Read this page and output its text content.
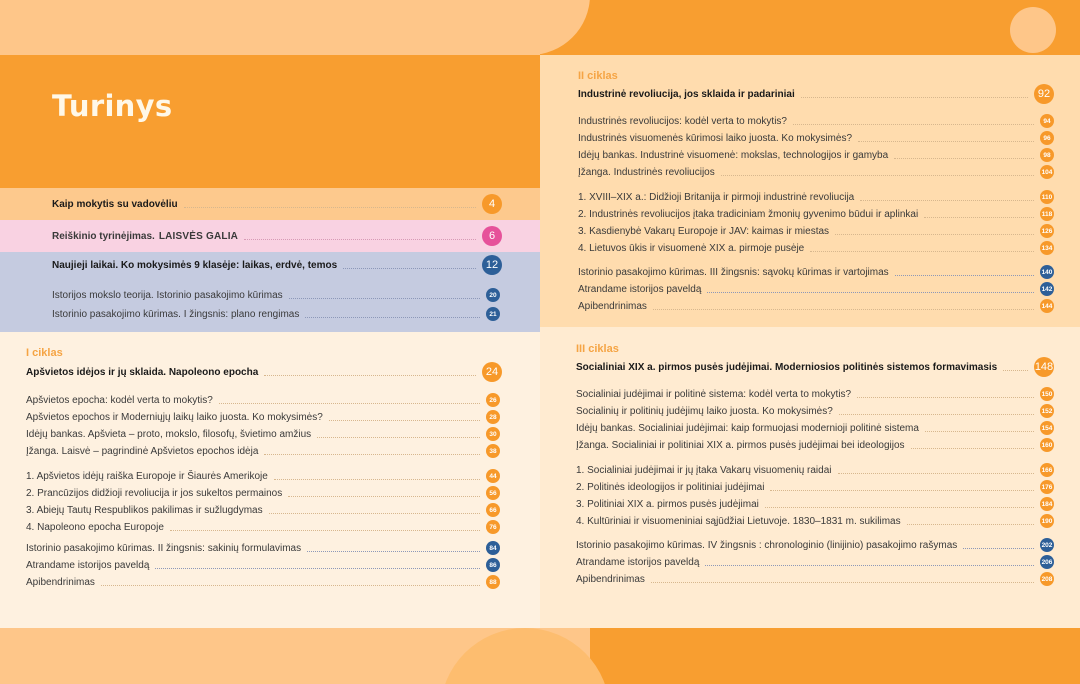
Turinys
Kaip mokytis su vadovėliu	4
Reiškinio tyrinėjimas. LAISVĖS GALIA	6
Naujieji laikai. Ko mokysimės 9 klasėje: laikas, erdvė, temos	12
Istorijos mokslo teorija. Istorinio pasakojimo kūrimas	20
Istorinio pasakojimo kūrimas. I žingsnis: plano rengimas	21
I ciklas
Apšvietos idėjos ir jų sklaida. Napoleono epocha	24
Apšvietos epocha: kodėl verta to mokytis?	26
Apšvietos epochos ir Moderniųjų laikų laiko juosta. Ko mokysimės?	28
Idėjų bankas. Apšvieta – proto, mokslo, filosofų, švietimo amžius	30
Įžanga. Laisvė – pagrindinė Apšvietos epochos idėja	38
1. Apšvietos idėjų raiška Europoje ir Šiaurės Amerikoje	44
2. Prancūzijos didžioji revoliucija ir jos sukeltos permainos	56
3. Abiejų Tautų Respublikos pakilimas ir sužlugdymas	66
4. Napoleono epocha Europoje	76
Istorinio pasakojimo kūrimas. II žingsnis: sakinių formulavimas	84
Atrandame istorijos paveldą	86
Apibendrinimas	88
II ciklas
Industrinė revoliucija, jos sklaida ir padariniai	92
Industrinės revoliucijos: kodėl verta to mokytis?	94
Industrinės visuomenės kūrimosi laiko juosta. Ko mokysimės?	96
Idėjų bankas. Industrinė visuomenė: mokslas, technologijos ir gamyba	98
Įžanga. Industrinės revoliucijos	104
1. XVIII–XIX a.: Didžioji Britanija ir pirmoji industrinė revoliucija	110
2. Industrinės revoliucijos įtaka tradiciniam žmonių gyvenimo būdui ir aplinkai	118
3. Kasdienybė Vakarų Europoje ir JAV: kaimas ir miestas	126
4. Lietuvos ūkis ir visuomenė XIX a. pirmoje pusėje	134
Istorinio pasakojimo kūrimas. III žingsnis: sąvokų kūrimas ir vartojimas	140
Atrandame istorijos paveldą	142
Apibendrinimas	144
III ciklas
Socialiniai XIX a. pirmos pusės judėjimai. Moderniosios politinės sistemos formavimasis	148
Socialiniai judėjimai ir politinė sistema: kodėl verta to mokytis?	150
Socialinių ir politinių judėjimų laiko juosta. Ko mokysimės?	152
Idėjų bankas. Socialiniai judėjimai: kaip formuojasi modernioji politinė sistema	154
Įžanga. Socialiniai ir politiniai XIX a. pirmos pusės judėjimai bei ideologijos	160
1. Socialiniai judėjimai ir jų įtaka Vakarų visuomenių raidai	166
2. Politinės ideologijos ir politiniai judėjimai	176
3. Politiniai XIX a. pirmos pusės judėjimai	184
4. Kultūriniai ir visuomeniniai sąjūdžiai Lietuvoje. 1830–1831 m. sukilimas	190
Istorinio pasakojimo kūrimas. IV žingsnis : chronologinio (linijinio) pasakojimo rašymas	202
Atrandame istorijos paveldą	206
Apibendrinimas	208
